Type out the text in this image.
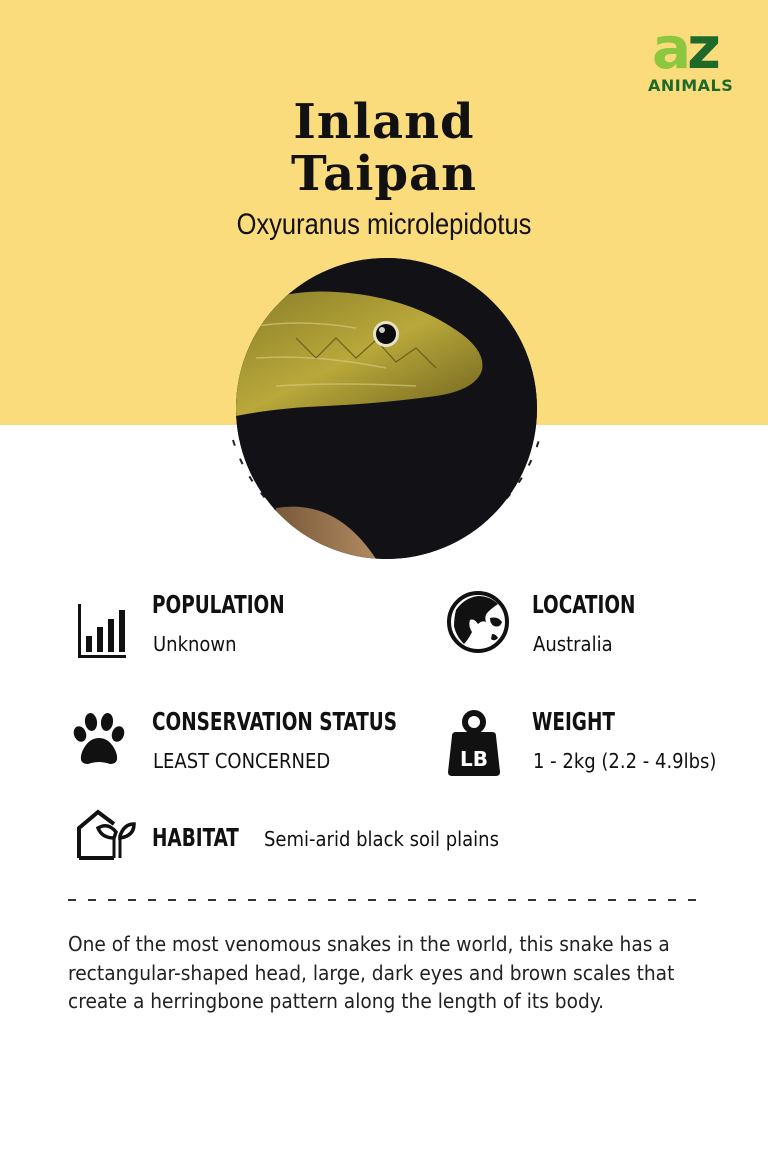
az
ANIMALS
Inland
Taipan
Oxyuranus microlepidotus
POPULATION
Unknown
LOCATION
Australia
CONSERVATION STATUS
LEAST CONCERNED	LB
WEIGHT
1 - 2kg (2.2 - 4.9lbs)
HABITAT Semi-arid black soil plains

One of the most venomous snakes in the world, this snake has a rectangular-shaped head, large, dark eyes and brown scales that create a herringbone pattern along the length of its body.
